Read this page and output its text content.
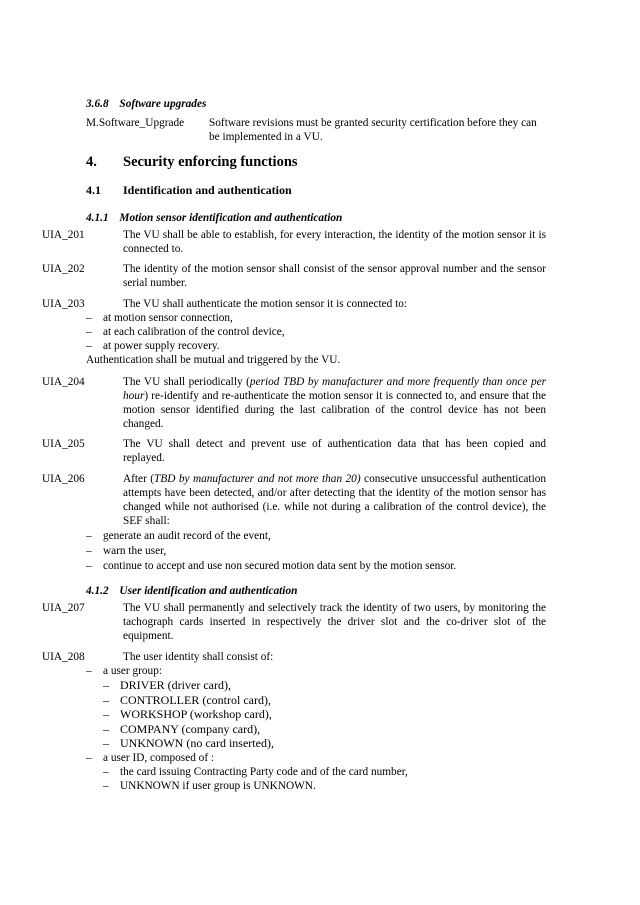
3.6.8 Software upgrades
M.Software_Upgrade Software revisions must be granted security certification before they can be implemented in a VU.
4. Security enforcing functions
4.1 Identification and authentication
4.1.1 Motion sensor identification and authentication
UIA_201	The VU shall be able to establish, for every interaction, the identity of the motion sensor it is connected to.
UIA_202	The identity of the motion sensor shall consist of the sensor approval number and the sensor serial number.
UIA_203	The VU shall authenticate the motion sensor it is connected to:
– at motion sensor connection,
– at each calibration of the control device,
– at power supply recovery.
Authentication shall be mutual and triggered by the VU.
UIA_204	The VU shall periodically (period TBD by manufacturer and more frequently than once per hour) re-identify and re-authenticate the motion sensor it is connected to, and ensure that the motion sensor identified during the last calibration of the control device has not been changed.
UIA_205	The VU shall detect and prevent use of authentication data that has been copied and replayed.
UIA_206	After (TBD by manufacturer and not more than 20) consecutive unsuccessful authentication attempts have been detected, and/or after detecting that the identity of the motion sensor has changed while not authorised (i.e. while not during a calibration of the control device), the SEF shall:
– generate an audit record of the event,
– warn the user,
– continue to accept and use non secured motion data sent by the motion sensor.
4.1.2 User identification and authentication
UIA_207	The VU shall permanently and selectively track the identity of two users, by monitoring the tachograph cards inserted in respectively the driver slot and the co-driver slot of the equipment.
UIA_208	The user identity shall consist of:
– a user group:
– DRIVER (driver card),
– CONTROLLER (control card),
– WORKSHOP (workshop card),
– COMPANY (company card),
– UNKNOWN (no card inserted),
– a user ID, composed of :
– the card issuing Contracting Party code and of the card number,
– UNKNOWN if user group is UNKNOWN.
